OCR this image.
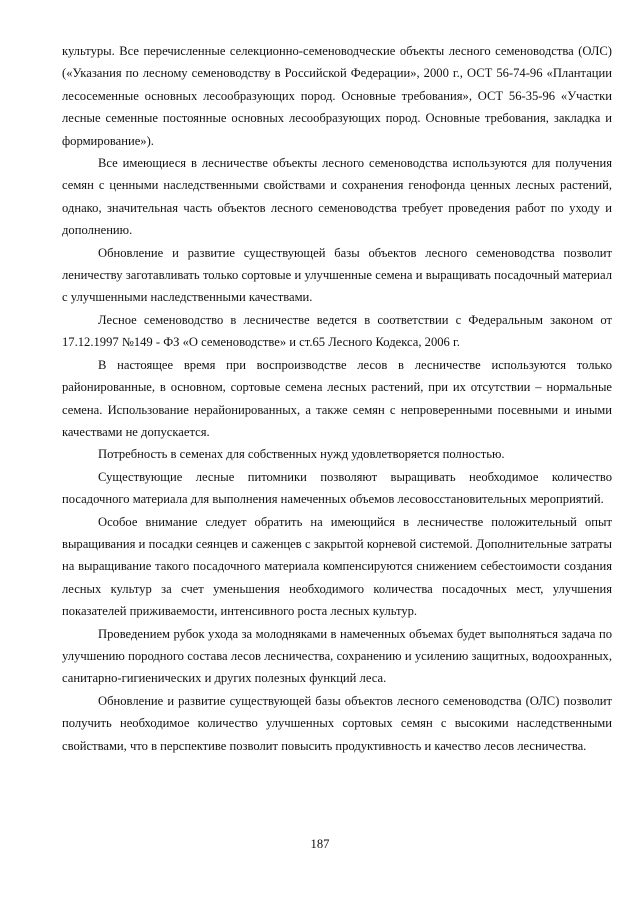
культуры. Все перечисленные селекционно-семеноводческие объекты лесного семеноводства (ОЛС) («Указания по лесному семеноводству в Российской Федерации», 2000 г., ОСТ 56-74-96 «Плантации лесосеменные основных лесообразующих пород. Основные требования», ОСТ 56-35-96 «Участки лесные семенные постоянные основных лесообразующих пород. Основные требования, закладка и формирование»).

Все имеющиеся в лесничестве объекты лесного семеноводства используются для получения семян с ценными наследственными свойствами и сохранения генофонда ценных лесных растений, однако, значительная часть объектов лесного семеноводства требует проведения работ по уходу и дополнению.

Обновление и развитие существующей базы объектов лесного семеноводства позволит леничеству заготавливать только сортовые и улучшенные семена и выращивать посадочный материал с улучшенными наследственными качествами.

Лесное семеноводство в лесничестве ведется в соответствии с Федеральным законом от 17.12.1997 №149 - ФЗ «О семеноводстве» и ст.65 Лесного Кодекса, 2006 г.

В настоящее время при воспроизводстве лесов в лесничестве используются только районированные, в основном, сортовые семена лесных растений, при их отсутствии – нормальные семена. Использование нерайонированных, а также семян с непроверенными посевными и иными качествами не допускается.

Потребность в семенах для собственных нужд удовлетворяется полностью.

Существующие лесные питомники позволяют выращивать необходимое количество посадочного материала для выполнения намеченных объемов лесовосстановительных мероприятий.

Особое внимание следует обратить на имеющийся в лесничестве положительный опыт выращивания и посадки сеянцев и саженцев с закрытой корневой системой. Дополнительные затраты на выращивание такого посадочного материала компенсируются снижением себестоимости создания лесных культур за счет уменьшения необходимого количества посадочных мест, улучшения показателей приживаемости, интенсивного роста лесных культур.

Проведением рубок ухода за молодняками в намеченных объемах будет выполняться задача по улучшению породного состава лесов лесничества, сохранению и усилению защитных, водоохранных, санитарно-гигиенических и других полезных функций леса.

Обновление и развитие существующей базы объектов лесного семеноводства (ОЛС) позволит получить необходимое количество улучшенных сортовых семян с высокими наследственными свойствами, что в перспективе позволит повысить продуктивность и качество лесов лесничества.

187
